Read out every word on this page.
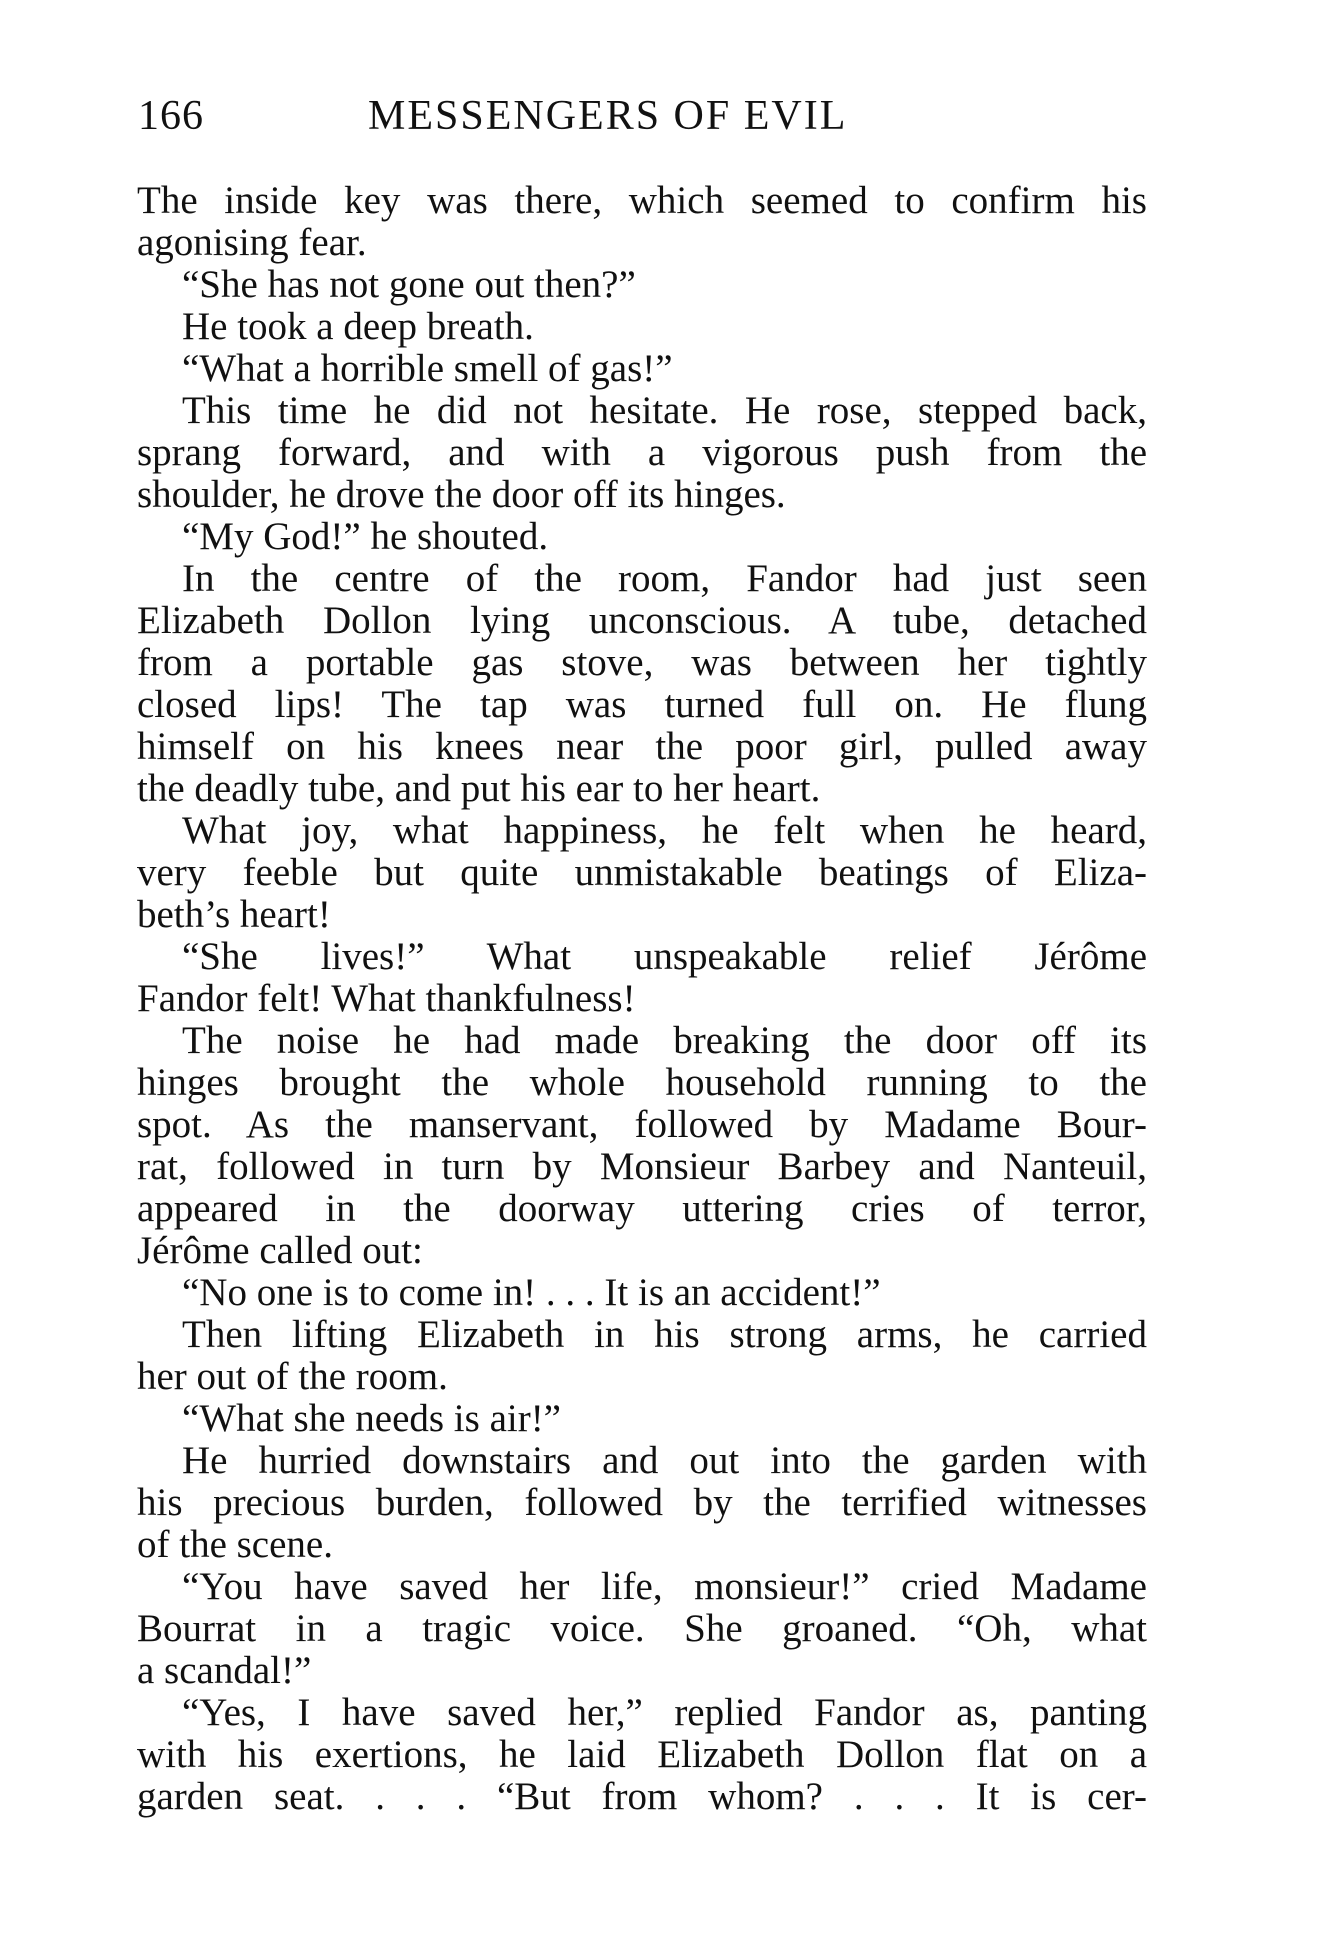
166	MESSENGERS OF EVIL
The inside key was there, which seemed to confirm his
agonising fear.
“She has not gone out then?”
He took a deep breath.
“What a horrible smell of gas!”
This time he did not hesitate. He rose, stepped back,
sprang forward, and with a vigorous push from the
shoulder, he drove the door off its hinges.
“My God!” he shouted.
In the centre of the room, Fandor had just seen
Elizabeth Dollon lying unconscious. A tube, detached
from a portable gas stove, was between her tightly
closed lips! The tap was turned full on. He flung
himself on his knees near the poor girl, pulled away
the deadly tube, and put his ear to her heart.
What joy, what happiness, he felt when he heard,
very feeble but quite unmistakable beatings of Eliza-
beth’s heart!
“She lives!” What unspeakable relief Jérôme
Fandor felt! What thankfulness!
The noise he had made breaking the door off its
hinges brought the whole household running to the
spot. As the manservant, followed by Madame Bour-
rat, followed in turn by Monsieur Barbey and Nanteuil,
appeared in the doorway uttering cries of terror,
Jérôme called out:
“No one is to come in! . . . It is an accident!”
Then lifting Elizabeth in his strong arms, he carried
her out of the room.
“What she needs is air!”
He hurried downstairs and out into the garden with
his precious burden, followed by the terrified witnesses
of the scene.
“You have saved her life, monsieur!” cried Madame
Bourrat in a tragic voice. She groaned. “Oh, what
a scandal!”
“Yes, I have saved her,” replied Fandor as, panting
with his exertions, he laid Elizabeth Dollon flat on a
garden seat. . . . “But from whom? . . . It is cer-
